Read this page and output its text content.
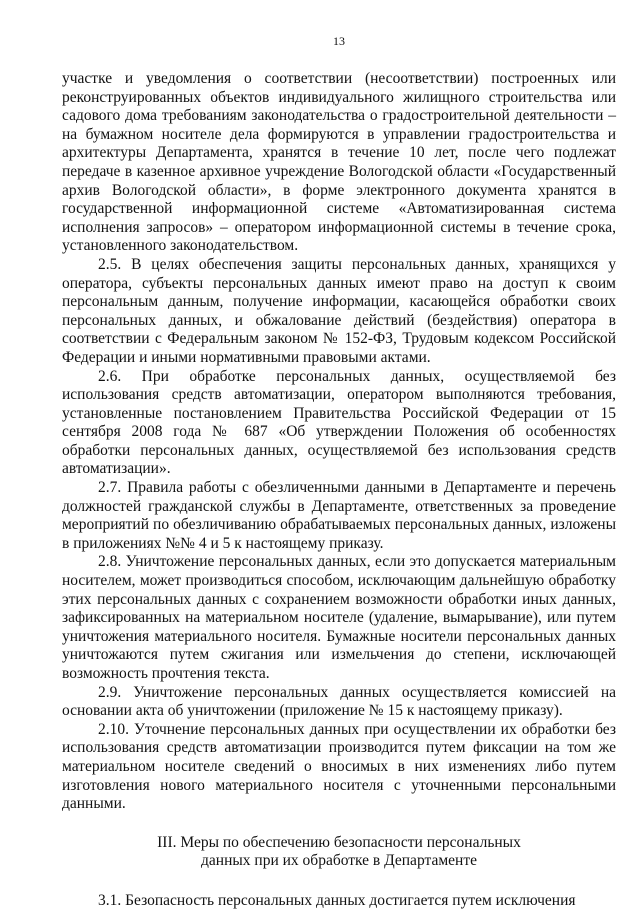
13

участке и уведомления о соответствии (несоответствии) построенных или реконструированных объектов индивидуального жилищного строительства или садового дома требованиям законодательства о градостроительной деятельности – на бумажном носителе дела формируются в управлении градостроительства и архитектуры Департамента, хранятся в течение 10 лет, после чего подлежат передаче в казенное архивное учреждение Вологодской области «Государственный архив Вологодской области», в форме электронного документа хранятся в государственной информационной системе «Автоматизированная система исполнения запросов» – оператором информационной системы в течение срока, установленного законодательством.

2.5. В целях обеспечения защиты персональных данных, хранящихся у оператора, субъекты персональных данных имеют право на доступ к своим персональным данным, получение информации, касающейся обработки своих персональных данных, и обжалование действий (бездействия) оператора в соответствии с Федеральным законом № 152-ФЗ, Трудовым кодексом Российской Федерации и иными нормативными правовыми актами.

2.6. При обработке персональных данных, осуществляемой без использования средств автоматизации, оператором выполняются требования, установленные постановлением Правительства Российской Федерации от 15 сентября 2008 года № 687 «Об утверждении Положения об особенностях обработки персональных данных, осуществляемой без использования средств автоматизации».

2.7. Правила работы с обезличенными данными в Департаменте и перечень должностей гражданской службы в Департаменте, ответственных за проведение мероприятий по обезличиванию обрабатываемых персональных данных, изложены в приложениях №№ 4 и 5 к настоящему приказу.

2.8. Уничтожение персональных данных, если это допускается материальным носителем, может производиться способом, исключающим дальнейшую обработку этих персональных данных с сохранением возможности обработки иных данных, зафиксированных на материальном носителе (удаление, вымарывание), или путем уничтожения материального носителя. Бумажные носители персональных данных уничтожаются путем сжигания или измельчения до степени, исключающей возможность прочтения текста.

2.9. Уничтожение персональных данных осуществляется комиссией на основании акта об уничтожении (приложение № 15 к настоящему приказу).

2.10. Уточнение персональных данных при осуществлении их обработки без использования средств автоматизации производится путем фиксации на том же материальном носителе сведений о вносимых в них изменениях либо путем изготовления нового материального носителя с уточненными персональными данными.

III. Меры по обеспечению безопасности персональных
данных при их обработке в Департаменте

3.1. Безопасность персональных данных достигается путем исключения
